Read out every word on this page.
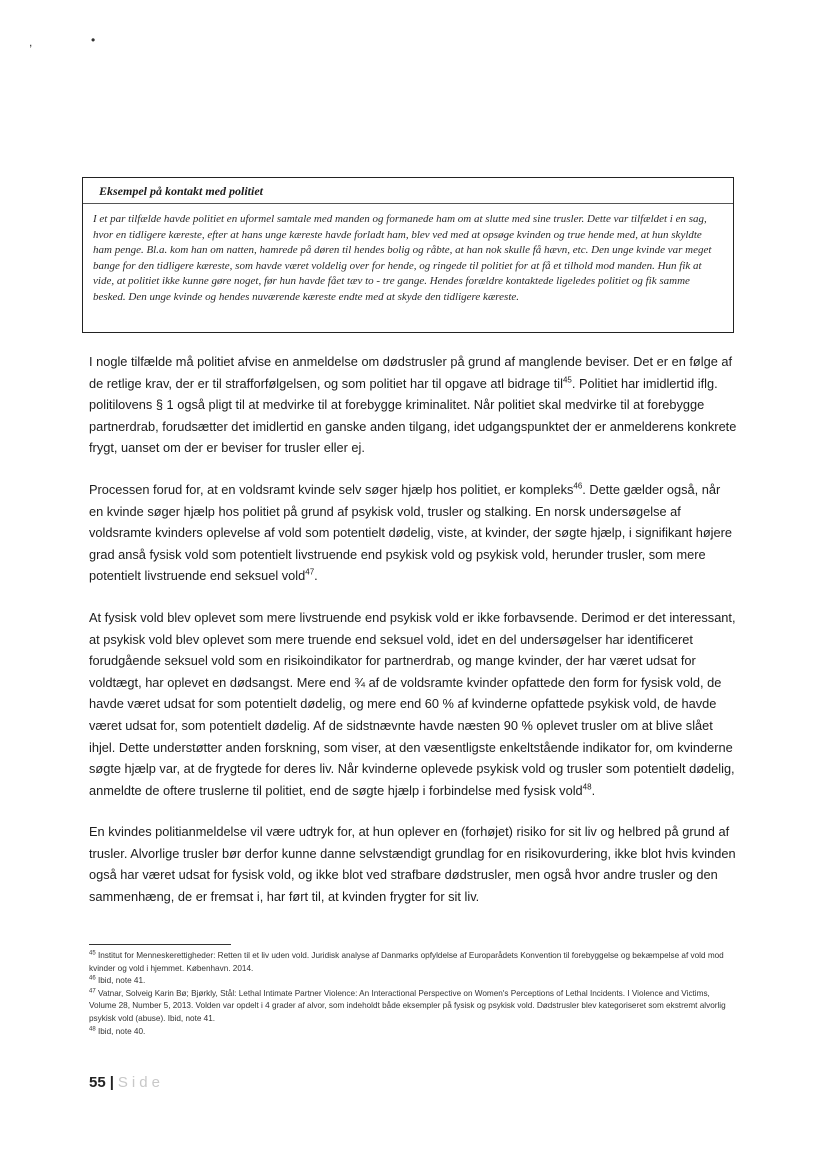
,	•
Eksempel på kontakt med politiet

I et par tilfælde havde politiet en uformel samtale med manden og formanede ham om at slutte med sine trusler. Dette var tilfældet i en sag, hvor en tidligere kæreste, efter at hans unge kæreste havde forladt ham, blev ved med at opsøge kvinden og true hende med, at hun skyldte ham penge. Bl.a. kom han om natten, hamrede på døren til hendes bolig og råbte, at han nok skulle få hævn, etc. Den unge kvinde var meget bange for den tidligere kæreste, som havde været voldelig over for hende, og ringede til politiet for at få et tilhold mod manden. Hun fik at vide, at politiet ikke kunne gøre noget, før hun havde fået tæv to - tre gange. Hendes forældre kontaktede ligeledes politiet og fik samme besked. Den unge kvinde og hendes nuværende kæreste endte med at skyde den tidligere kæreste.

I nogle tilfælde må politiet afvise en anmeldelse om dødstrusler på grund af manglende beviser. Det er en følge af de retlige krav, der er til strafforfølgelsen, og som politiet har til opgave atl bidrage til$^{45}$. Politiet har imidlertid iflg. politilovens § 1 også pligt til at medvirke til at forebygge kriminalitet. Når politiet skal medvirke til at forebygge partnerdrab, forudsætter det imidlertid en ganske anden tilgang, idet udgangspunktet der er anmelderens konkrete frygt, uanset om der er beviser for trusler eller ej.

Processen forud for, at en voldsramt kvinde selv søger hjælp hos politiet, er kompleks$^{46}$. Dette gælder også, når en kvinde søger hjælp hos politiet på grund af psykisk vold, trusler og stalking. En norsk undersøgelse af voldsramte kvinders oplevelse af vold som potentielt dødelig, viste, at kvinder, der søgte hjælp, i signifikant højere grad anså fysisk vold som potentielt livstruende end psykisk vold og psykisk vold, herunder trusler, som mere potentielt livstruende end seksuel vold$^{47}$.

At fysisk vold blev oplevet som mere livstruende end psykisk vold er ikke forbavsende. Derimod er det interessant, at psykisk vold blev oplevet som mere truende end seksuel vold, idet en del undersøgelser har identificeret forudgående seksuel vold som en risikoindikator for partnerdrab, og mange kvinder, der har været udsat for voldtægt, har oplevet en dødsangst. Mere end ¾ af de voldsramte kvinder opfattede den form for fysisk vold, de havde været udsat for som potentielt dødelig, og mere end 60 % af kvinderne opfattede psykisk vold, de havde været udsat for, som potentielt dødelig. Af de sidstnævnte havde næsten 90 % oplevet trusler om at blive slået ihjel. Dette understøtter anden forskning, som viser, at den væsentligste enkeltstående indikator for, om kvinderne søgte hjælp var, at de frygtede for deres liv. Når kvinderne oplevede psykisk vold og trusler som potentielt dødelig, anmeldte de oftere truslerne til politiet, end de søgte hjælp i forbindelse med fysisk vold$^{48}$.

En kvindes politianmeldelse vil være udtryk for, at hun oplever en (forhøjet) risiko for sit liv og helbred på grund af trusler. Alvorlige trusler bør derfor kunne danne selvstændigt grundlag for en risikovurdering, ikke blot hvis kvinden også har været udsat for fysisk vold, og ikke blot ved strafbare dødstrusler, men også hvor andre trusler og den sammenhæng, de er fremsat i, har ført til, at kvinden frygter for sit liv.

$^{45}$ Institut for Menneskerettigheder: Retten til et liv uden vold. Juridisk analyse af Danmarks opfyldelse af Europarådets Konvention til forebyggelse og bekæmpelse af vold mod kvinder og vold i hjemmet. København. 2014.

$^{46}$ Ibid, note 41.

$^{47}$ Vatnar, Solveig Karin Bø; Bjørkly, Stål: Lethal Intimate Partner Violence: An Interactional Perspective on Women's Perceptions of Lethal Incidents. I Violence and Victims, Volume 28, Number 5, 2013. Volden var opdelt i 4 grader af alvor, som indeholdt både eksempler på fysisk og psykisk vold. Dødstrusler blev kategoriseret som ekstremt alvorlig psykisk vold (abuse). Ibid, note 41.

$^{48}$ Ibid, note 40.

55 | Side
